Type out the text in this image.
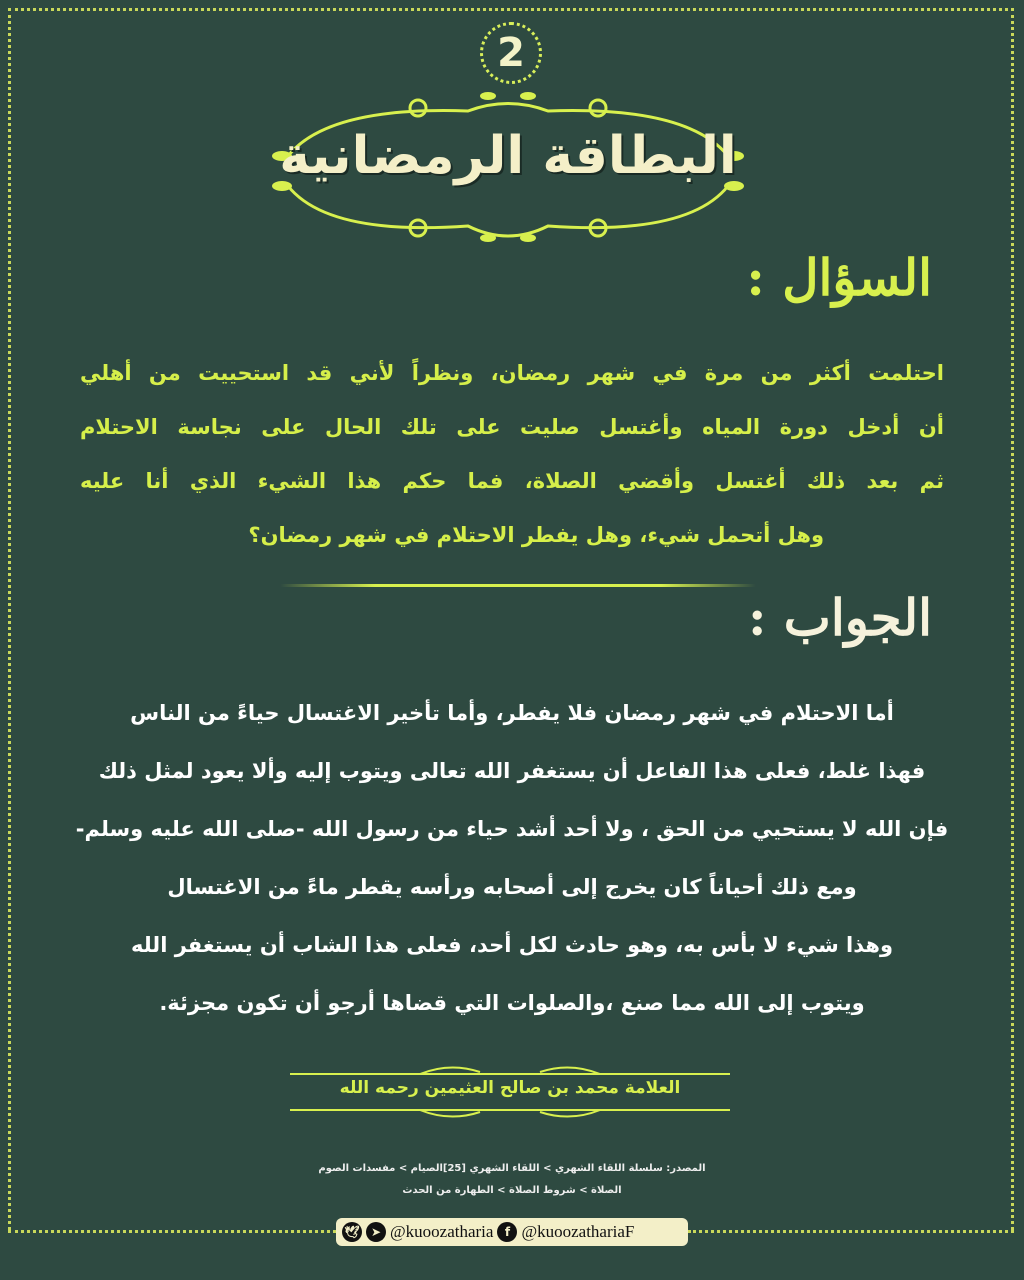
2
البطاقة الرمضانية
السؤال :
احتلمت أكثر من مرة في شهر رمضان، ونظراً لأني قد استحييت من أهلي
أن أدخل دورة المياه وأغتسل صليت على تلك الحال على نجاسة الاحتلام
ثم بعد ذلك أغتسل وأقضي الصلاة، فما حكم هذا الشيء الذي أنا عليه
وهل أتحمل شيء، وهل يفطر الاحتلام في شهر رمضان؟
الجواب :
أما الاحتلام في شهر رمضان فلا يفطر، وأما تأخير الاغتسال حياءً من الناس
فهذا غلط، فعلى هذا الفاعل أن يستغفر الله تعالى ويتوب إليه وألا يعود لمثل ذلك
فإن الله لا يستحيي من الحق ، ولا أحد أشد حياء من رسول الله -صلى الله عليه وسلم-
ومع ذلك أحياناً كان يخرج إلى أصحابه ورأسه يقطر ماءً من الاغتسال
وهذا شيء لا بأس به، وهو حادث لكل أحد، فعلى هذا الشاب أن يستغفر الله
ويتوب إلى الله مما صنع ،والصلوات التي قضاها أرجو أن تكون مجزئة.
العلامة محمد بن صالح العثيمين رحمه الله
المصدر: سلسلة اللقاء الشهري > اللقاء الشهري [25]الصيام > مفسدات الصوم
الصلاة > شروط الصلاة > الطهارة من الحدث
🕊 ➤ @kuoozatharia f @kuoozathariaF
